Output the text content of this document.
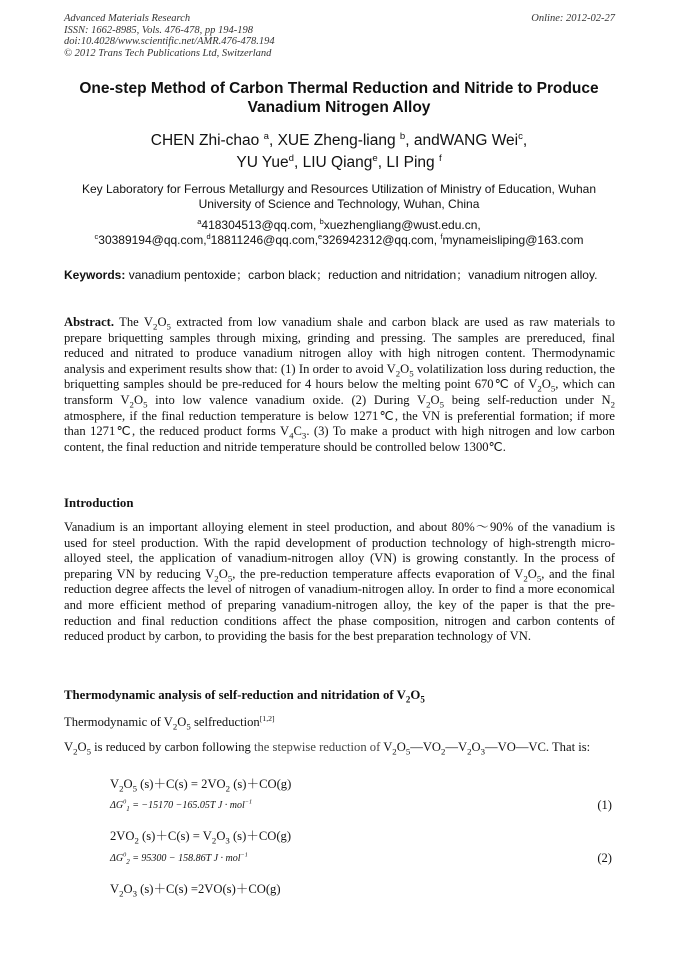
Advanced Materials Research
ISSN: 1662-8985, Vols. 476-478, pp 194-198
doi:10.4028/www.scientific.net/AMR.476-478.194
© 2012 Trans Tech Publications Ltd, Switzerland
Online: 2012-02-27
One-step Method of Carbon Thermal Reduction and Nitride to Produce
Vanadium Nitrogen Alloy
CHEN Zhi-chao $^a$, XUE Zheng-liang $^b$, andWANG Wei$^c$,
YU Yue$^d$, LIU Qiang$^e$, LI Ping $^f$
Key Laboratory for Ferrous Metallurgy and Resources Utilization of Ministry of Education, Wuhan
University of Science and Technology, Wuhan, China
$^a$418304513@qq.com, $^b$xuezhengliang@wust.edu.cn,
$^c$30389194@qq.com,$^d$18811246@qq.com,$^e$326942312@qq.com, $^f$mynameisliping@163.com
Keywords: vanadium pentoxide；carbon black；reduction and nitridation；vanadium nitrogen alloy.
Abstract. The $V_2O_5$ extracted from low vanadium shale and carbon black are used as raw materials to prepare briquetting samples through mixing, grinding and pressing. The samples are prereduced, final reduced and nitrated to produce vanadium nitrogen alloy with high nitrogen content. Thermodynamic analysis and experiment results show that: (1) In order to avoid $V_2O_5$ volatilization loss during reduction, the briquetting samples should be pre-reduced for 4 hours below the melting point 670℃ of $V_2O_5$, which can transform $V_2O_5$ into low valence vanadium oxide. (2) During $V_2O_5$ being self-reduction under $N_2$ atmosphere, if the final reduction temperature is below 1271℃, the VN is preferential formation; if more than 1271℃, the reduced product forms $V_4C_3$. (3) To make a product with high nitrogen and low carbon content, the final reduction and nitride temperature should be controlled below 1300℃.
Introduction
Vanadium is an important alloying element in steel production, and about 80%～90% of the vanadium is used for steel production. With the rapid development of production technology of high-strength micro-alloyed steel, the application of vanadium-nitrogen alloy (VN) is growing constantly. In the process of preparing VN by reducing $V_2O_5$, the pre-reduction temperature affects evaporation of $V_2O_5$, and the final reduction degree affects the level of nitrogen of vanadium-nitrogen alloy. In order to find a more economical and more efficient method of preparing vanadium-nitrogen alloy, the key of the paper is that the pre-reduction and final reduction conditions affect the phase composition, nitrogen and carbon contents of reduced product by carbon, to providing the basis for the best preparation technology of VN.
Thermodynamic analysis of self-reduction and nitridation of $V_2O_5$
Thermodynamic of $V_2O_5$ selfreduction[1,2]
$V_2O_5$ is reduced by carbon following the stepwise reduction of $V_2O_5—VO_2—V_2O_3—VO—VC$. That is:
$V_2O_5$ $(s)+C(s) = 2VO_2$ (s)＋CO(g)
$\Delta G^0_1 = -15170 -165.05T$ J · mol$^{-1}$	(1)
$2VO_2$ $(s)+C(s) = V_2O_3$ (s)＋CO(g)
$\Delta G^0_2 = 95300 - 158.86T$ J · mol$^{-1}$	(2)
$V_2O_3$ (s)＋C(s) =2VO(s)＋CO(g)
